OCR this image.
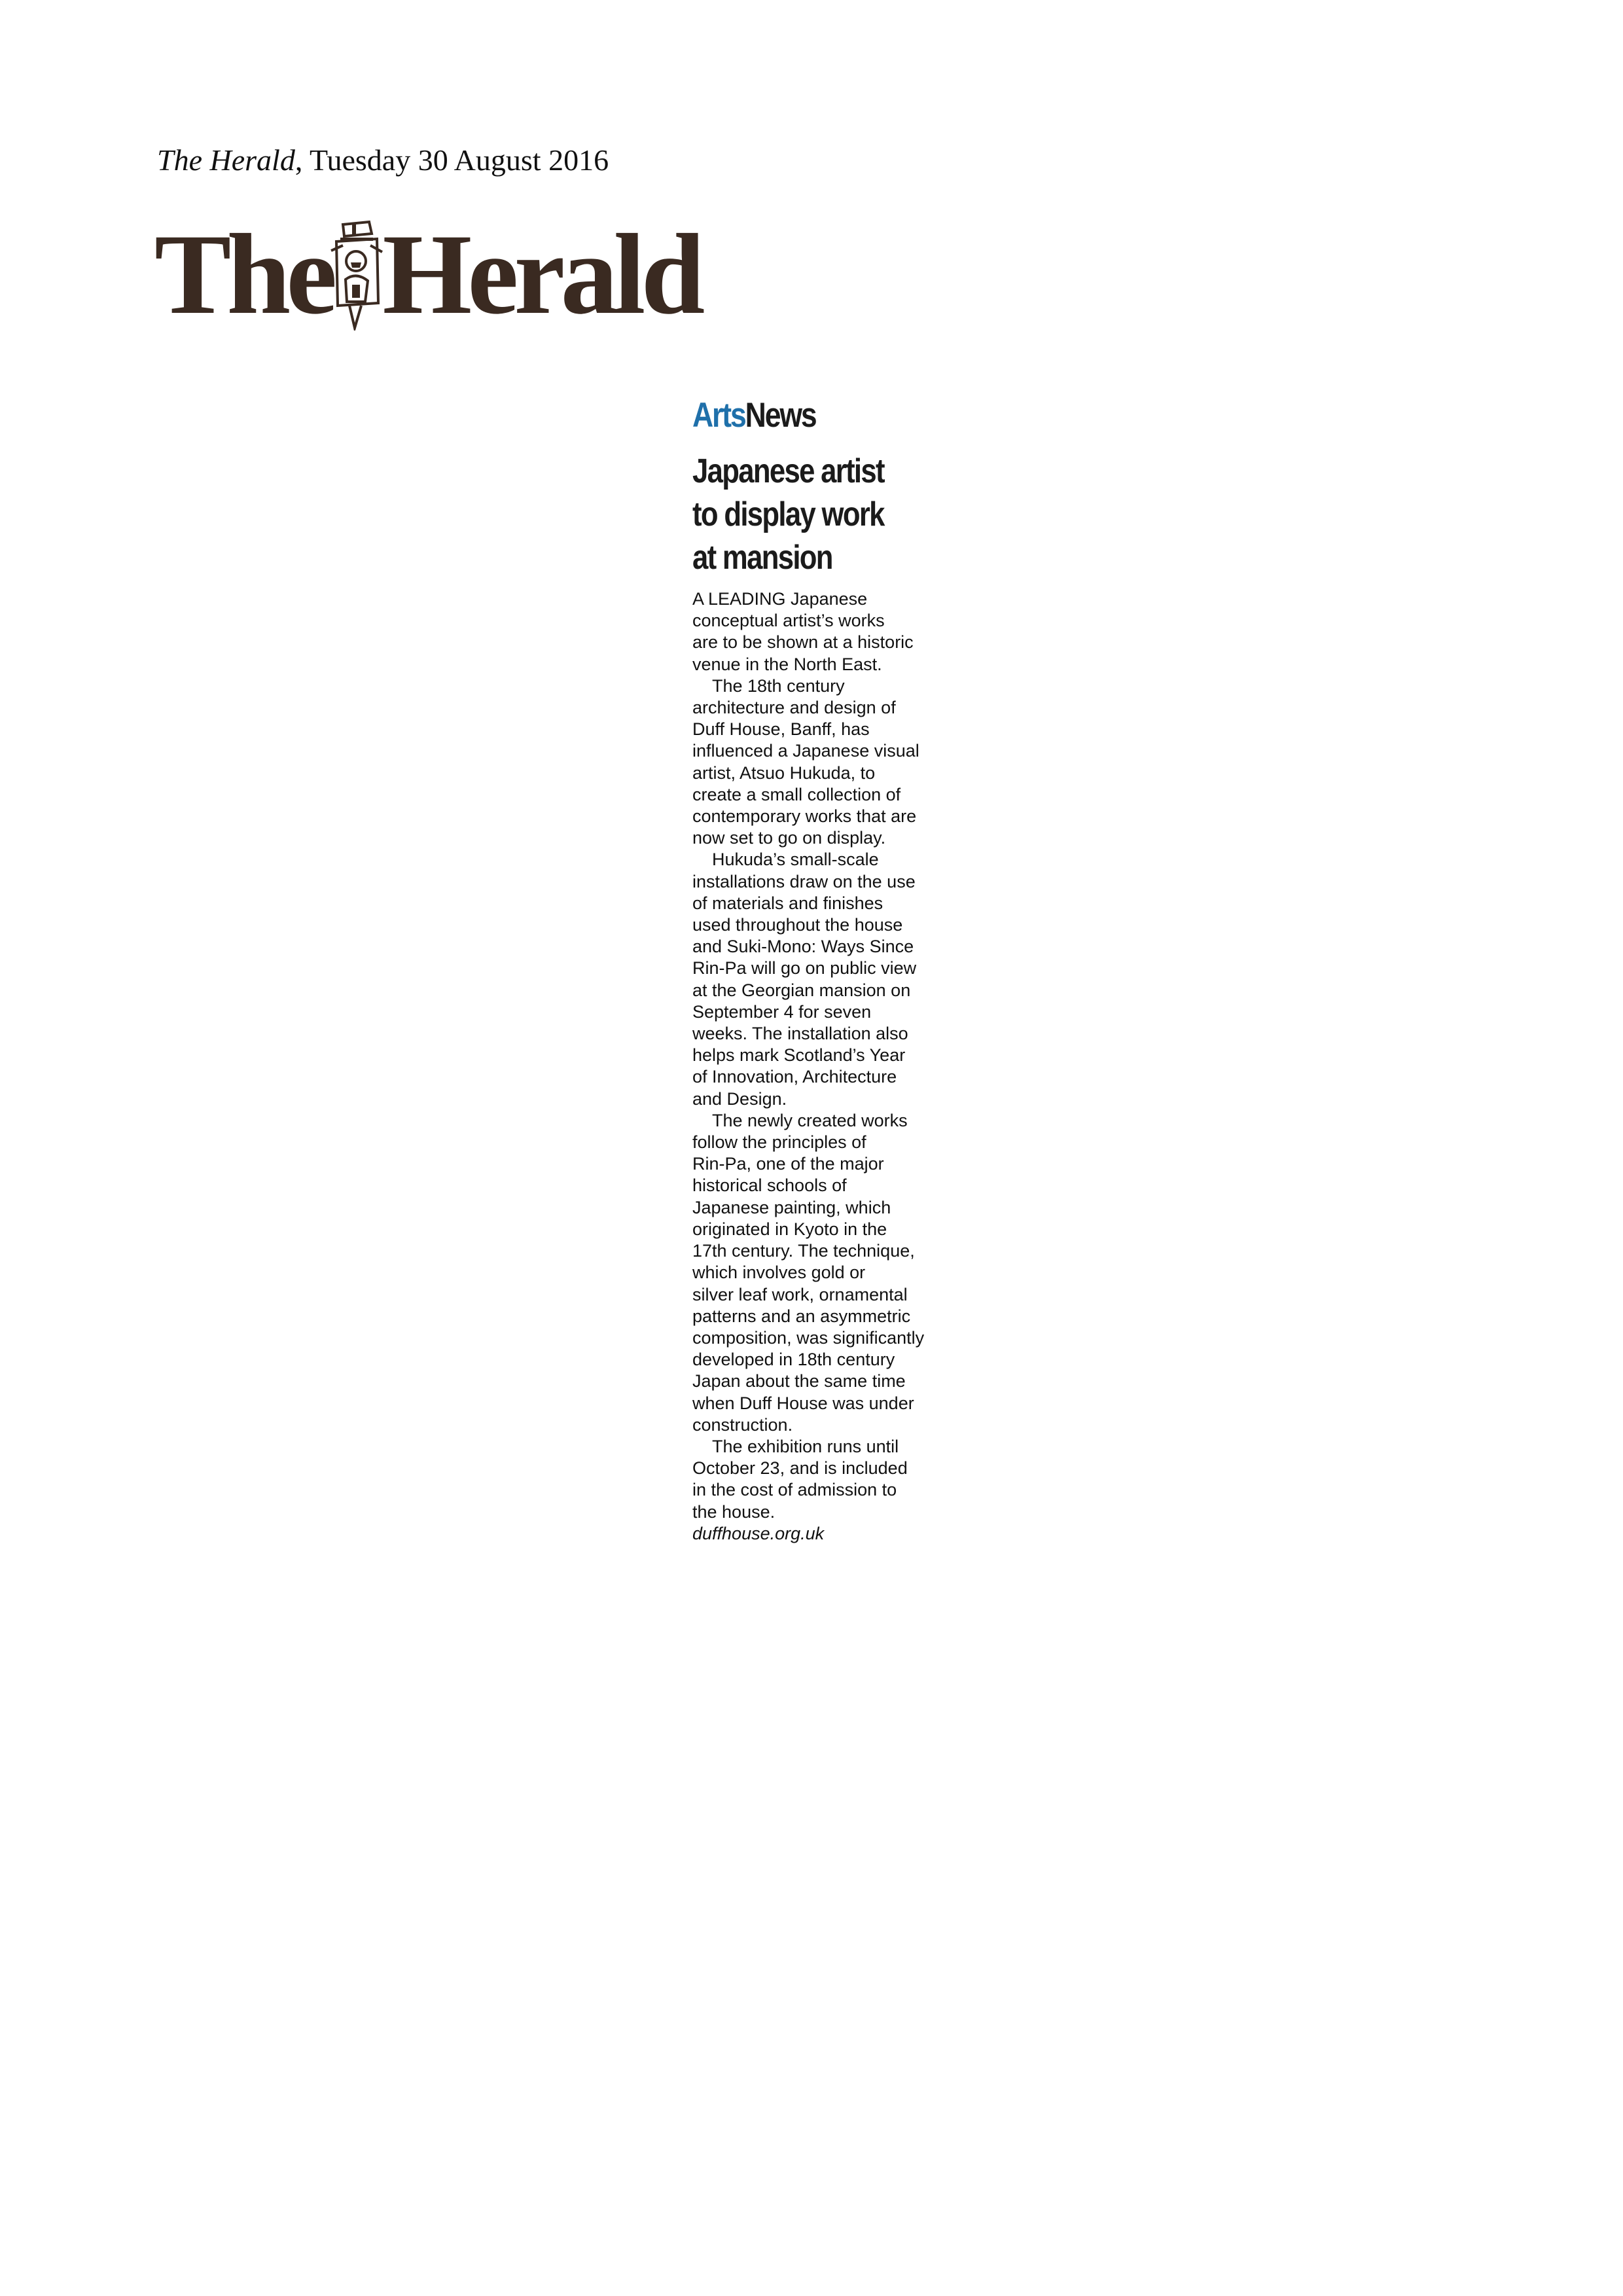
The Herald, Tuesday 30 August 2016
The Herald
ArtsNews
Japanese artist
to display work
at mansion
A LEADING Japanese
conceptual artist’s works
are to be shown at a historic
venue in the North East.
The 18th century
architecture and design of
Duff House, Banff, has
influenced a Japanese visual
artist, Atsuo Hukuda, to
create a small collection of
contemporary works that are
now set to go on display.
Hukuda’s small-scale
installations draw on the use
of materials and finishes
used throughout the house
and Suki-Mono: Ways Since
Rin-Pa will go on public view
at the Georgian mansion on
September 4 for seven
weeks. The installation also
helps mark Scotland’s Year
of Innovation, Architecture
and Design.
The newly created works
follow the principles of
Rin-Pa, one of the major
historical schools of
Japanese painting, which
originated in Kyoto in the
17th century. The technique,
which involves gold or
silver leaf work, ornamental
patterns and an asymmetric
composition, was significantly
developed in 18th century
Japan about the same time
when Duff House was under
construction.
The exhibition runs until
October 23, and is included
in the cost of admission to
the house.
duffhouse.org.uk
